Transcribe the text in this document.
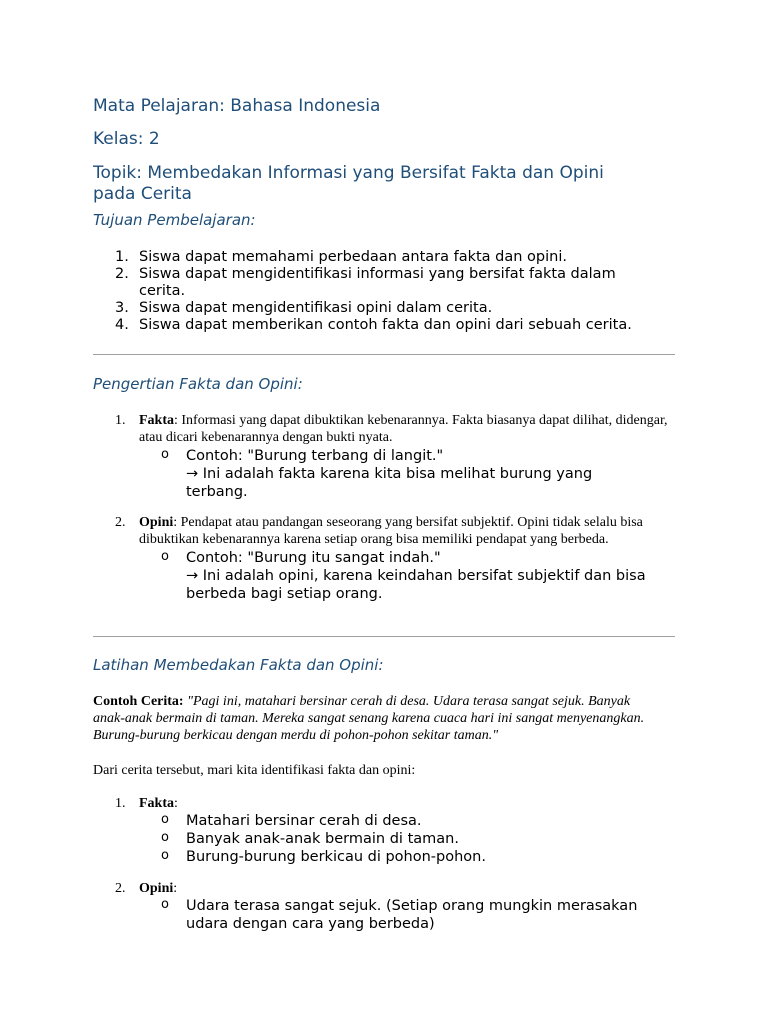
Mata Pelajaran: Bahasa Indonesia
Kelas: 2
Topik: Membedakan Informasi yang Bersifat Fakta dan Opini
pada Cerita
Tujuan Pembelajaran:
1. Siswa dapat memahami perbedaan antara fakta dan opini.
2. Siswa dapat mengidentifikasi informasi yang bersifat fakta dalam cerita.
3. Siswa dapat mengidentifikasi opini dalam cerita.
4. Siswa dapat memberikan contoh fakta dan opini dari sebuah cerita.
Pengertian Fakta dan Opini:
1. Fakta: Informasi yang dapat dibuktikan kebenarannya. Fakta biasanya dapat dilihat, didengar, atau dicari kebenarannya dengan bukti nyata.
o Contoh: "Burung terbang di langit."
→ Ini adalah fakta karena kita bisa melihat burung yang terbang.
2. Opini: Pendapat atau pandangan seseorang yang bersifat subjektif. Opini tidak selalu bisa dibuktikan kebenarannya karena setiap orang bisa memiliki pendapat yang berbeda.
o Contoh: "Burung itu sangat indah."
→ Ini adalah opini, karena keindahan bersifat subjektif dan bisa berbeda bagi setiap orang.
Latihan Membedakan Fakta dan Opini:
Contoh Cerita: "Pagi ini, matahari bersinar cerah di desa. Udara terasa sangat sejuk. Banyak anak-anak bermain di taman. Mereka sangat senang karena cuaca hari ini sangat menyenangkan. Burung-burung berkicau dengan merdu di pohon-pohon sekitar taman."
Dari cerita tersebut, mari kita identifikasi fakta dan opini:
1. Fakta:
o Matahari bersinar cerah di desa.
o Banyak anak-anak bermain di taman.
o Burung-burung berkicau di pohon-pohon.
2. Opini:
o Udara terasa sangat sejuk. (Setiap orang mungkin merasakan udara dengan cara yang berbeda)
